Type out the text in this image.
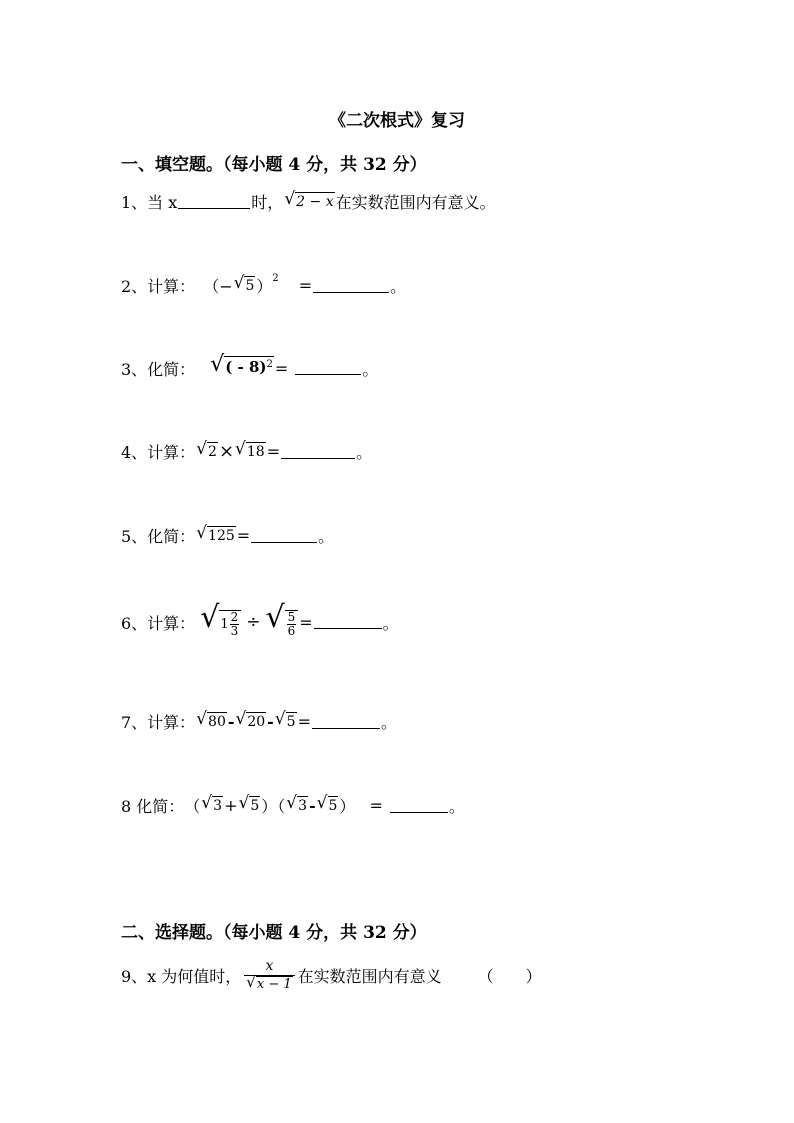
《二次根式》复习
一、填空题。（每小题 4 分，共 32 分）
1、当 x	时， √ 2 − x 在实数范围内有意义。
2、计算： （− √ 5 ） 2 =	。
3、化简： √ ( - 8)$^2$ =	。
4、计算： √ 2 × √ 18 =	。
5、化简： √ 125 =	。
6、计算： √ $1 \frac{2}{3}$ ÷ √ $\frac{5}{6}$ =	。
7、计算： √ 80 - √ 20 - √ 5 =	。
8 化简： （ √ 3 + √ 5 ）（ √ 3 - √ 5 ） =	。
二、选择题。（每小题 4 分，共 32 分）
9、x 为何值时， $\frac{x}{√ x - 1}$ 在实数范围内有意义 （　　）
